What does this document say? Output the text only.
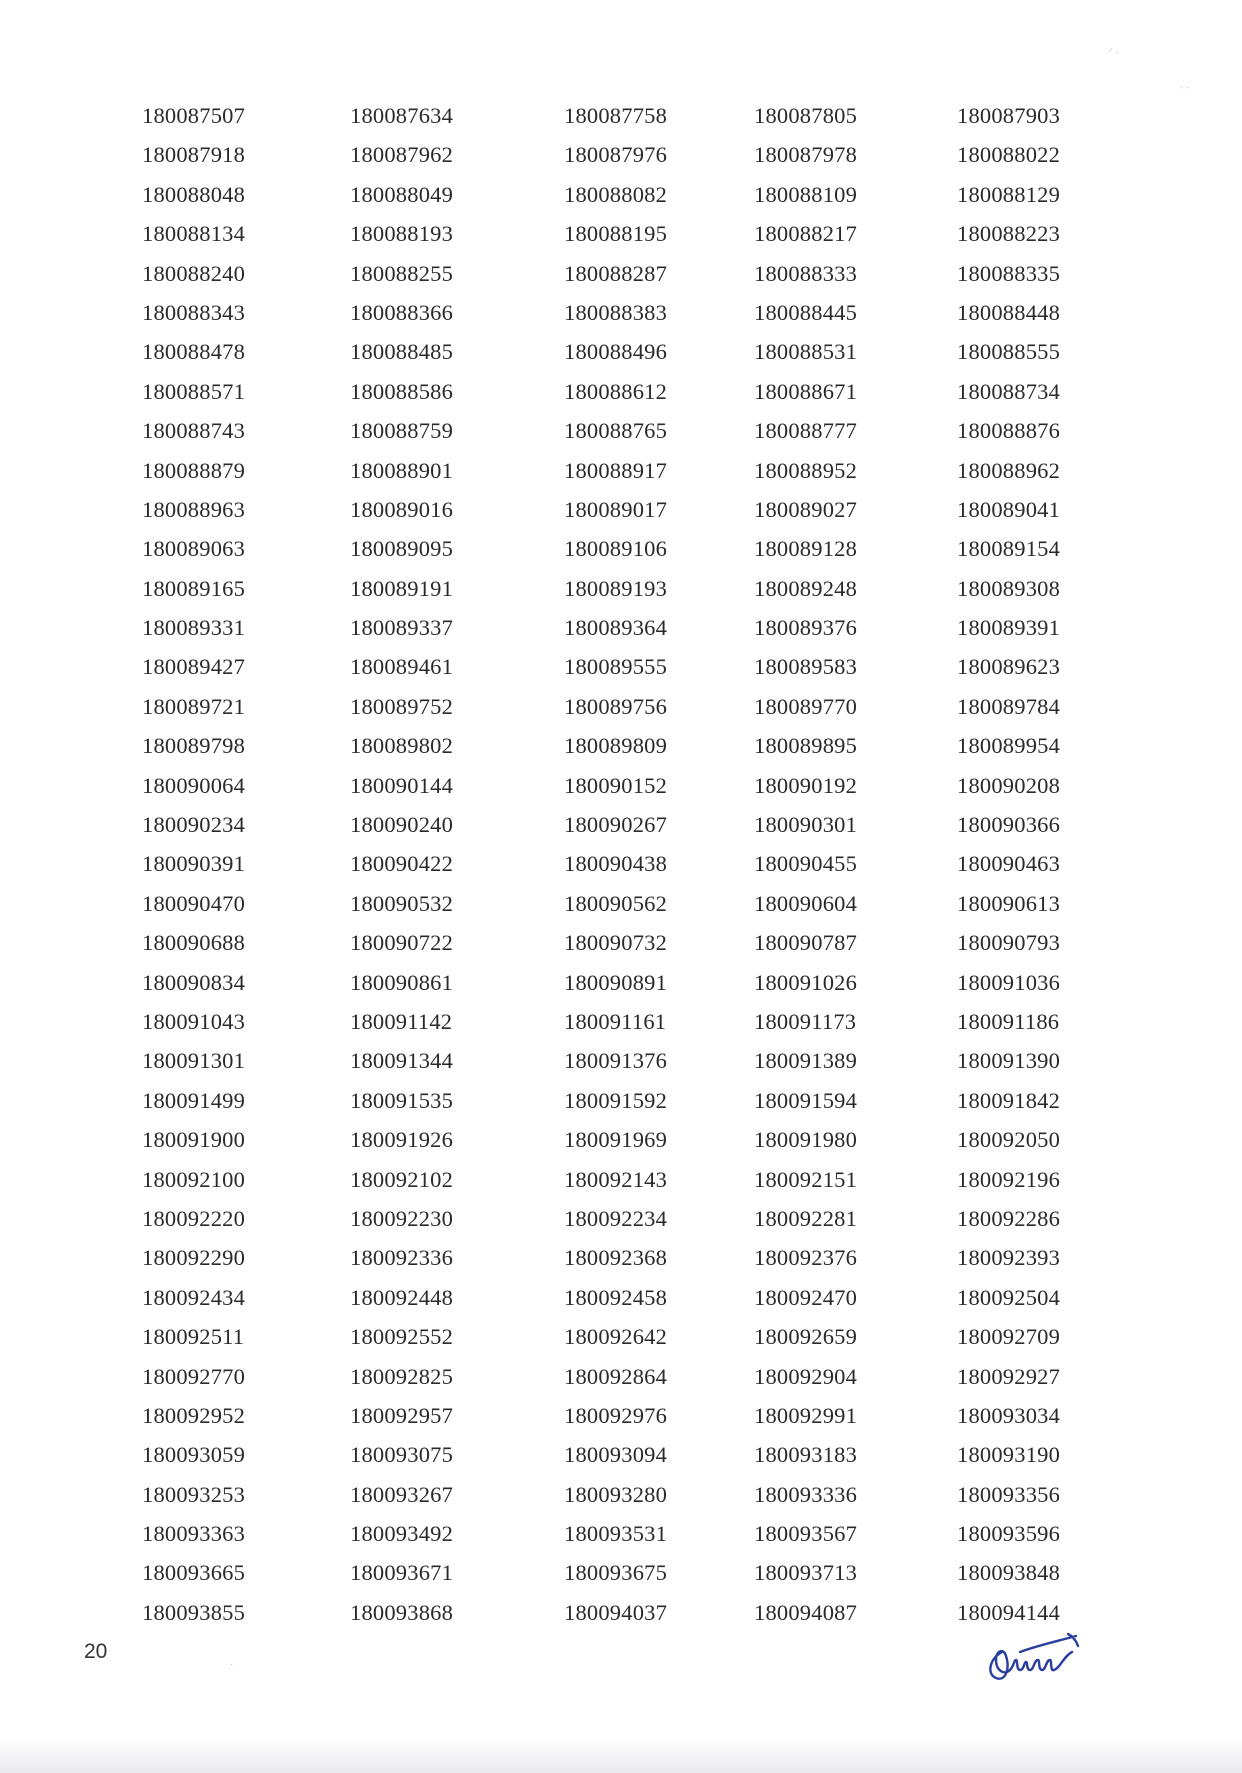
180087507	180087634	180087758	180087805	180087903
180087918	180087962	180087976	180087978	180088022
180088048	180088049	180088082	180088109	180088129
180088134	180088193	180088195	180088217	180088223
180088240	180088255	180088287	180088333	180088335
180088343	180088366	180088383	180088445	180088448
180088478	180088485	180088496	180088531	180088555
180088571	180088586	180088612	180088671	180088734
180088743	180088759	180088765	180088777	180088876
180088879	180088901	180088917	180088952	180088962
180088963	180089016	180089017	180089027	180089041
180089063	180089095	180089106	180089128	180089154
180089165	180089191	180089193	180089248	180089308
180089331	180089337	180089364	180089376	180089391
180089427	180089461	180089555	180089583	180089623
180089721	180089752	180089756	180089770	180089784
180089798	180089802	180089809	180089895	180089954
180090064	180090144	180090152	180090192	180090208
180090234	180090240	180090267	180090301	180090366
180090391	180090422	180090438	180090455	180090463
180090470	180090532	180090562	180090604	180090613
180090688	180090722	180090732	180090787	180090793
180090834	180090861	180090891	180091026	180091036
180091043	180091142	180091161	180091173	180091186
180091301	180091344	180091376	180091389	180091390
180091499	180091535	180091592	180091594	180091842
180091900	180091926	180091969	180091980	180092050
180092100	180092102	180092143	180092151	180092196
180092220	180092230	180092234	180092281	180092286
180092290	180092336	180092368	180092376	180092393
180092434	180092448	180092458	180092470	180092504
180092511	180092552	180092642	180092659	180092709
180092770	180092825	180092864	180092904	180092927
180092952	180092957	180092976	180092991	180093034
180093059	180093075	180093094	180093183	180093190
180093253	180093267	180093280	180093336	180093356
180093363	180093492	180093531	180093567	180093596
180093665	180093671	180093675	180093713	180093848
180093855	180093868	180094037	180094087	180094144
20
⸝ ˏ
ˎ ˏ
·
